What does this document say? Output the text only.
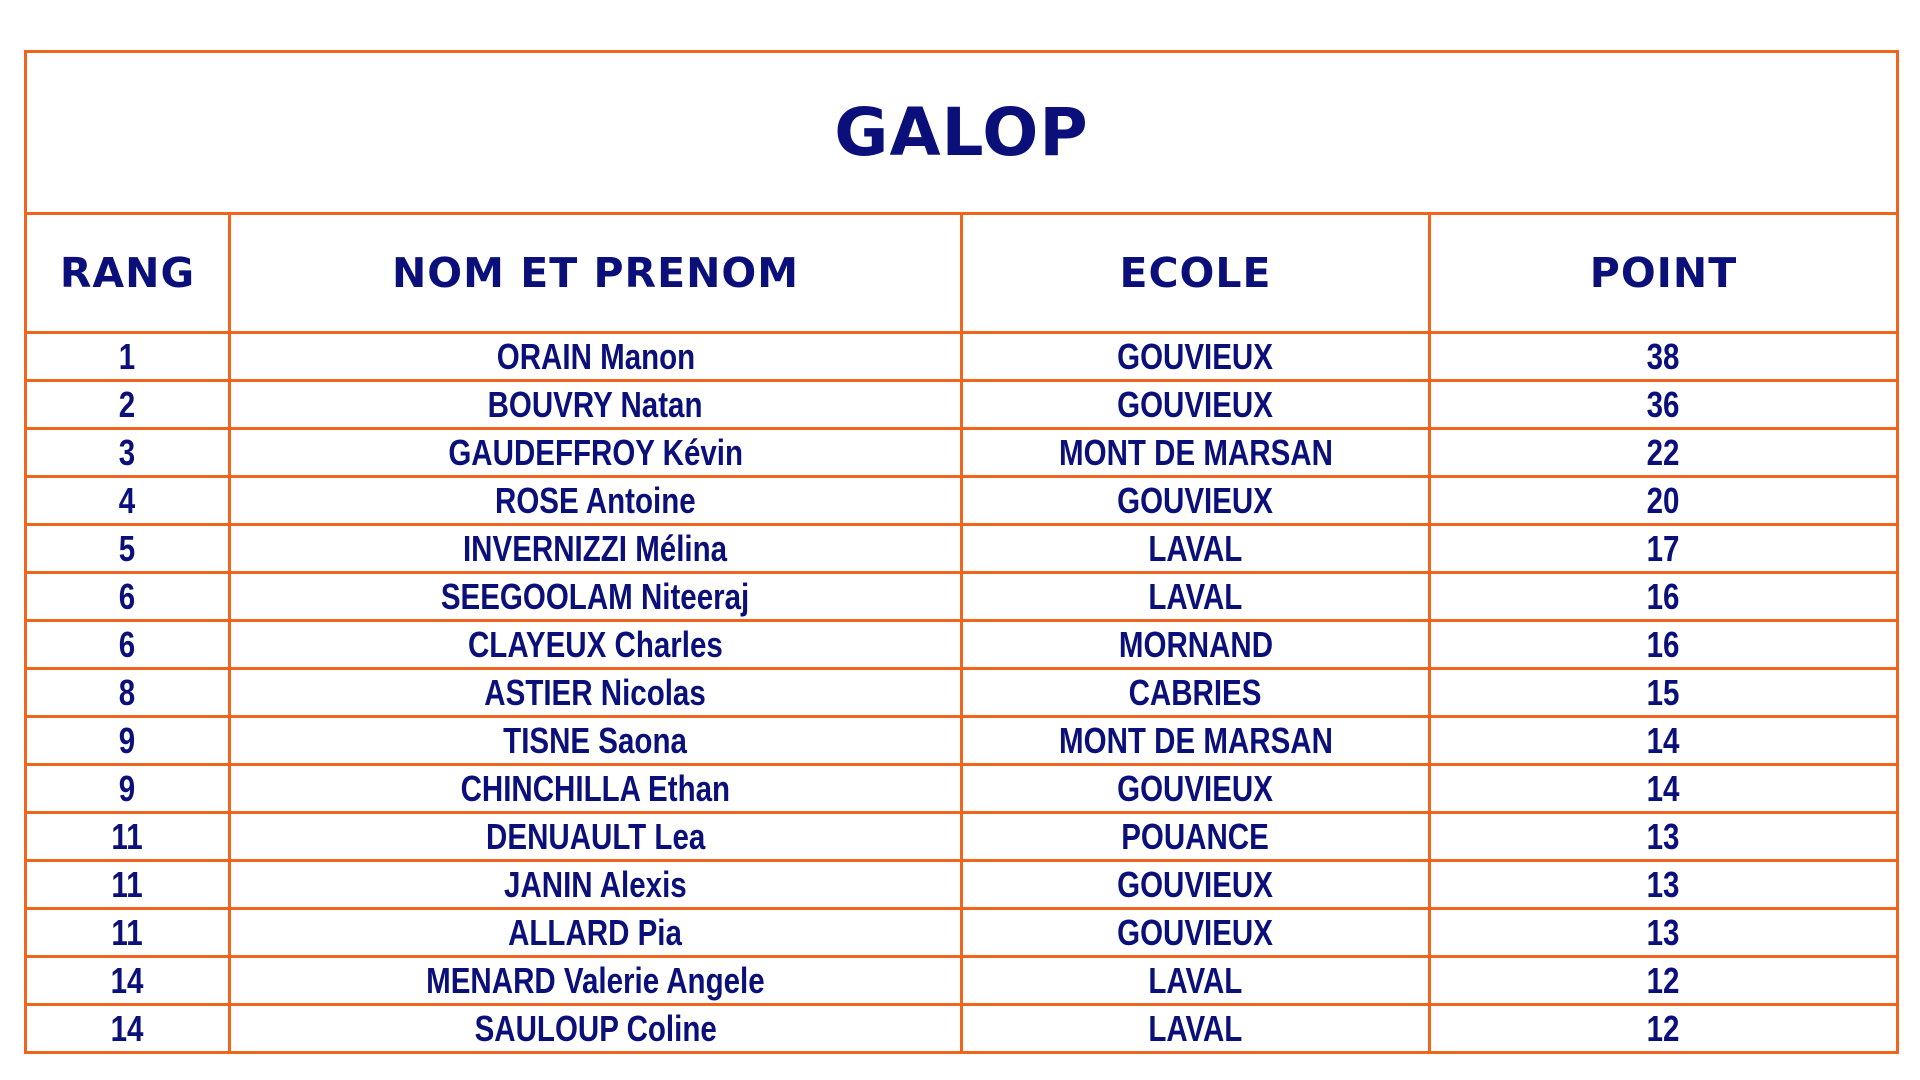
GALOP			
RANG	NOM ET PRENOM	ECOLE	POINT
1	ORAIN Manon	GOUVIEUX	38
2	BOUVRY Natan	GOUVIEUX	36
3	GAUDEFFROY Kévin	MONT DE MARSAN	22
4	ROSE Antoine	GOUVIEUX	20
5	INVERNIZZI Mélina	LAVAL	17
6	SEEGOOLAM Niteeraj	LAVAL	16
6	CLAYEUX Charles	MORNAND	16
8	ASTIER Nicolas	CABRIES	15
9	TISNE Saona	MONT DE MARSAN	14
9	CHINCHILLA Ethan	GOUVIEUX	14
11	DENUAULT Lea	POUANCE	13
11	JANIN Alexis	GOUVIEUX	13
11	ALLARD Pia	GOUVIEUX	13
14	MENARD Valerie Angele	LAVAL	12
14	SAULOUP Coline	LAVAL	12
